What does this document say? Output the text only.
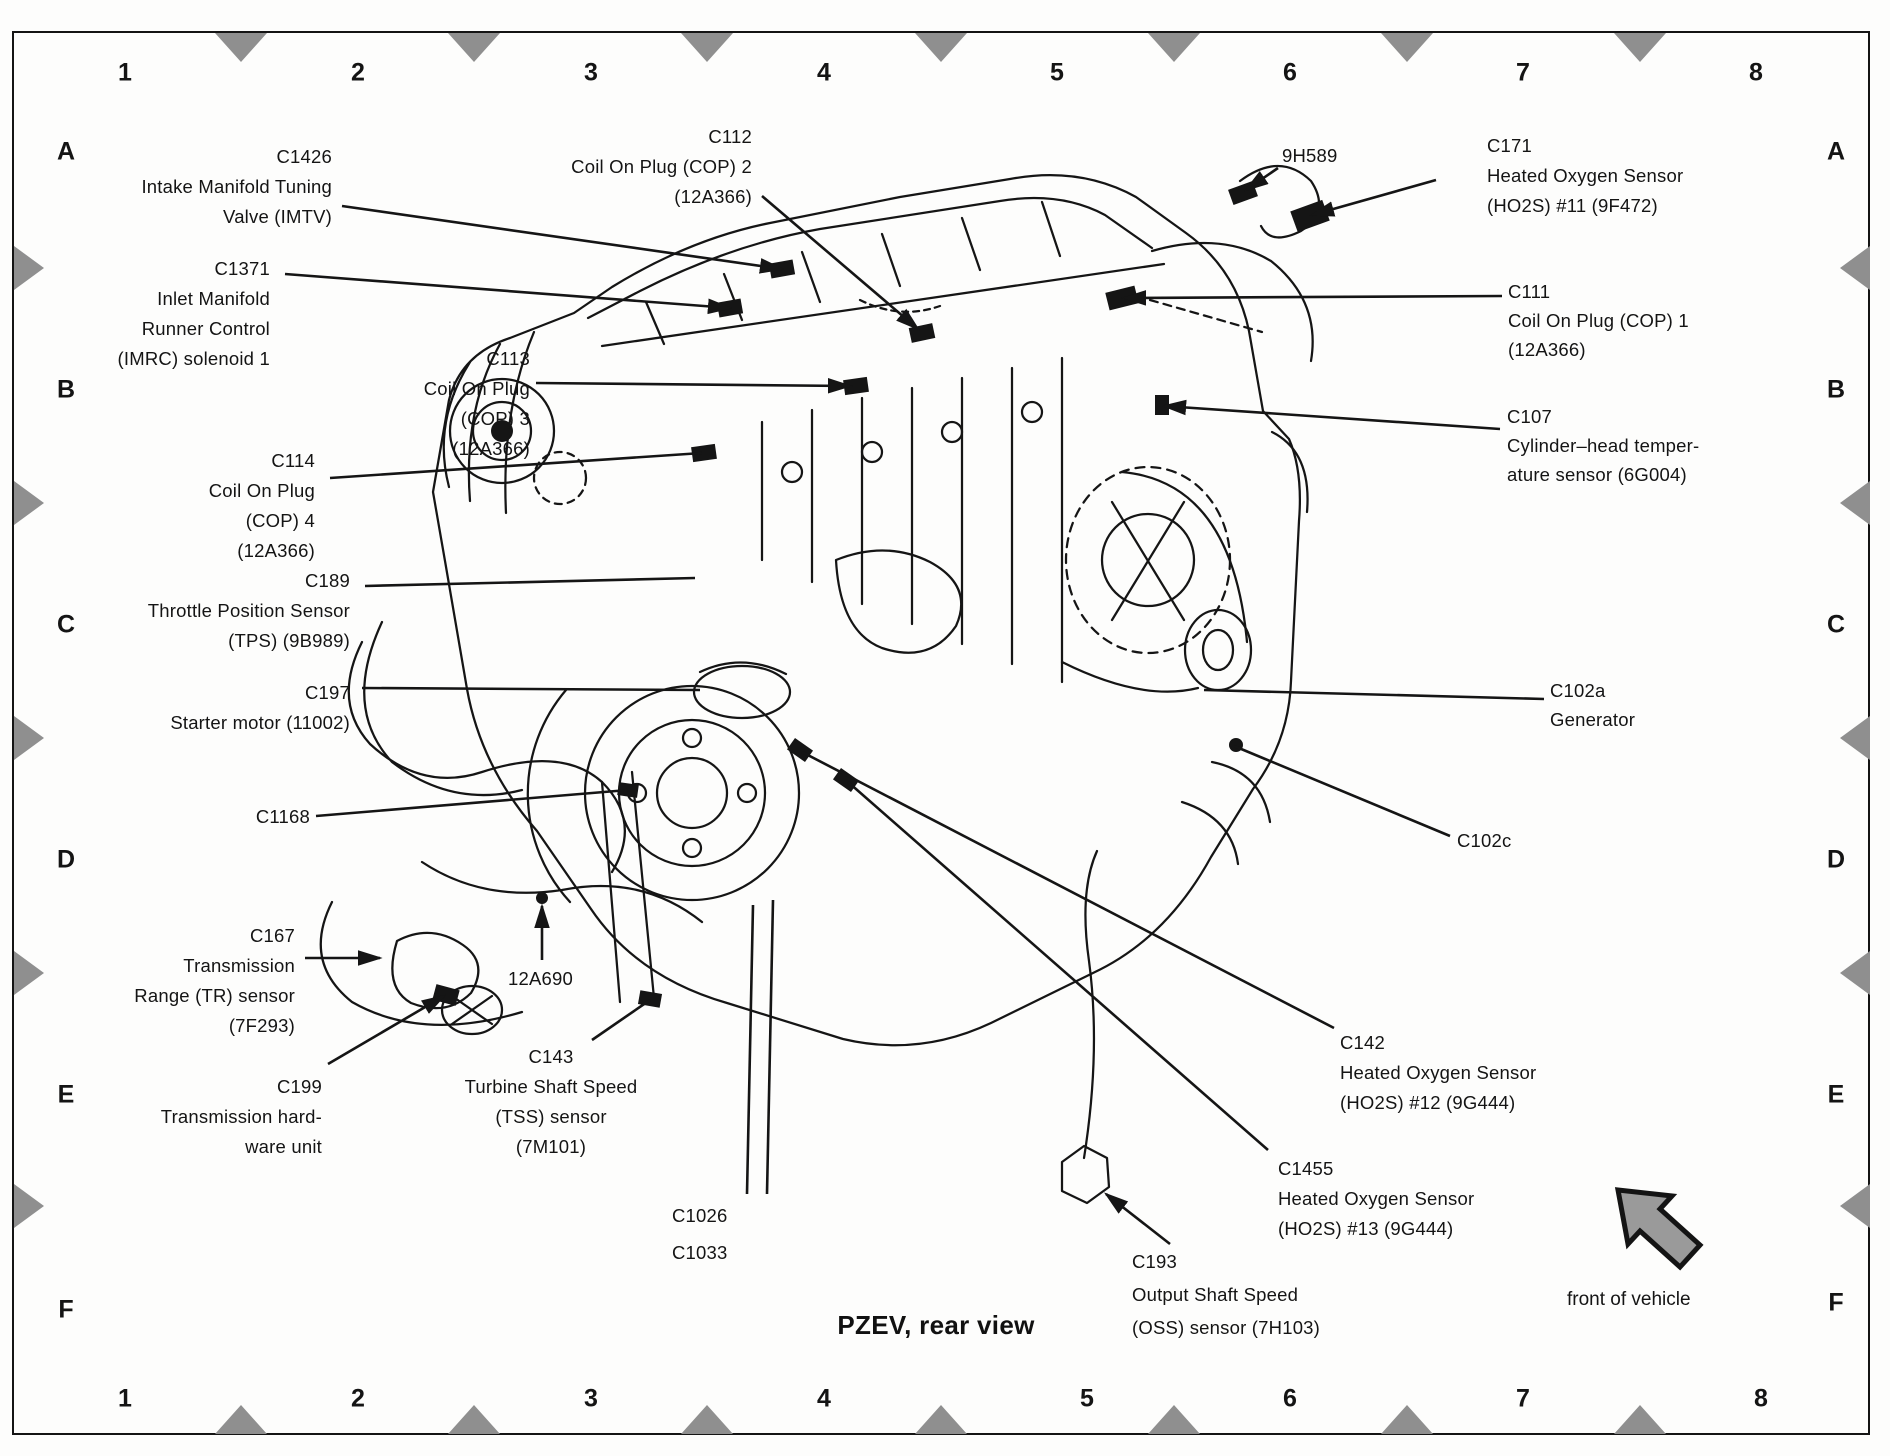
1	2	3	4	5	6	7	8
1	2	3	4	5	6	7	8
A
B
C
D
E
F
A
B
C
D
E
F
C1426
Intake Manifold Tuning
Valve (IMTV)
C1371
Inlet Manifold
Runner Control
(IMRC) solenoid 1
C112
Coil On Plug (COP) 2
(12A366)
C113
Coil On Plug
(COP) 3
(12A366)
C114
Coil On Plug
(COP) 4
(12A366)
C189
Throttle Position Sensor
(TPS) (9B989)
C197
Starter motor (11002)
C1168
C167
Transmission
Range (TR) sensor
(7F293)
C199
Transmission hard-
ware unit
12A690
C143
Turbine Shaft Speed
(TSS) sensor
(7M101)
C1026
C1033	C193
Output Shaft Speed
(OSS) sensor (7H103)
C1455
Heated Oxygen Sensor
(HO2S) #13 (9G444)
C142
Heated Oxygen Sensor
(HO2S) #12 (9G444)
C102c
C102a
Generator
C107
Cylinder–head temper-
ature sensor (6G004)
C111
Coil On Plug (COP) 1
(12A366)
C171
Heated Oxygen Sensor
(HO2S) #11 (9F472)
9H589
PZEV, rear view
front of vehicle
